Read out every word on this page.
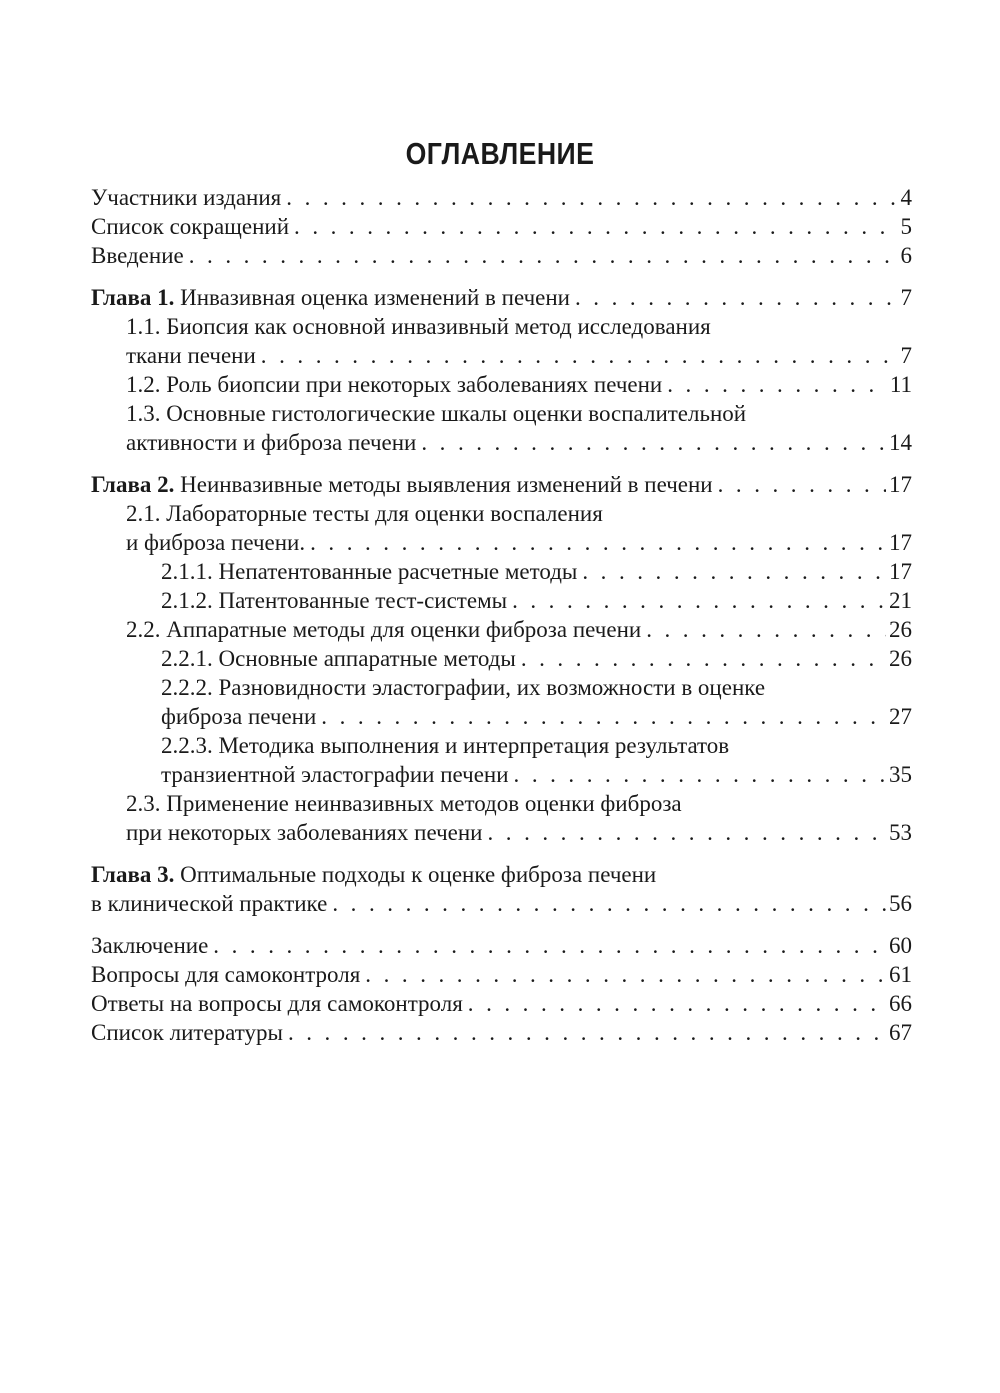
ОГЛАВЛЕНИЕ
Участники издания . . .	4
Список сокращений . . .	5
Введение . . .	6
Глава 1. Инвазивная оценка изменений в печени . . .	7
1.1. Биопсия как основной инвазивный метод исследования
ткани печени . . .	7
1.2. Роль биопсии при некоторых заболеваниях печени . . .	11
1.3. Основные гистологические шкалы оценки воспалительной
активности и фиброза печени . . .	14
Глава 2. Неинвазивные методы выявления изменений в печени . . .	17
2.1. Лабораторные тесты для оценки воспаления
и фиброза печени. . . .	17
2.1.1. Непатентованные расчетные методы . . .	17
2.1.2. Патентованные тест-системы . . .	21
2.2. Аппаратные методы для оценки фиброза печени . . .	26
2.2.1. Основные аппаратные методы . . .	26
2.2.2. Разновидности эластографии, их возможности в оценке
фиброза печени . . .	27
2.2.3. Методика выполнения и интерпретация результатов
транзиентной эластографии печени . . .	35
2.3. Применение неинвазивных методов оценки фиброза
при некоторых заболеваниях печени . . .	53
Глава 3. Оптимальные подходы к оценке фиброза печени
в клинической практике . . .	56
Заключение . . .	60
Вопросы для самоконтроля . . .	61
Ответы на вопросы для самоконтроля . . .	66
Список литературы . . .	67
